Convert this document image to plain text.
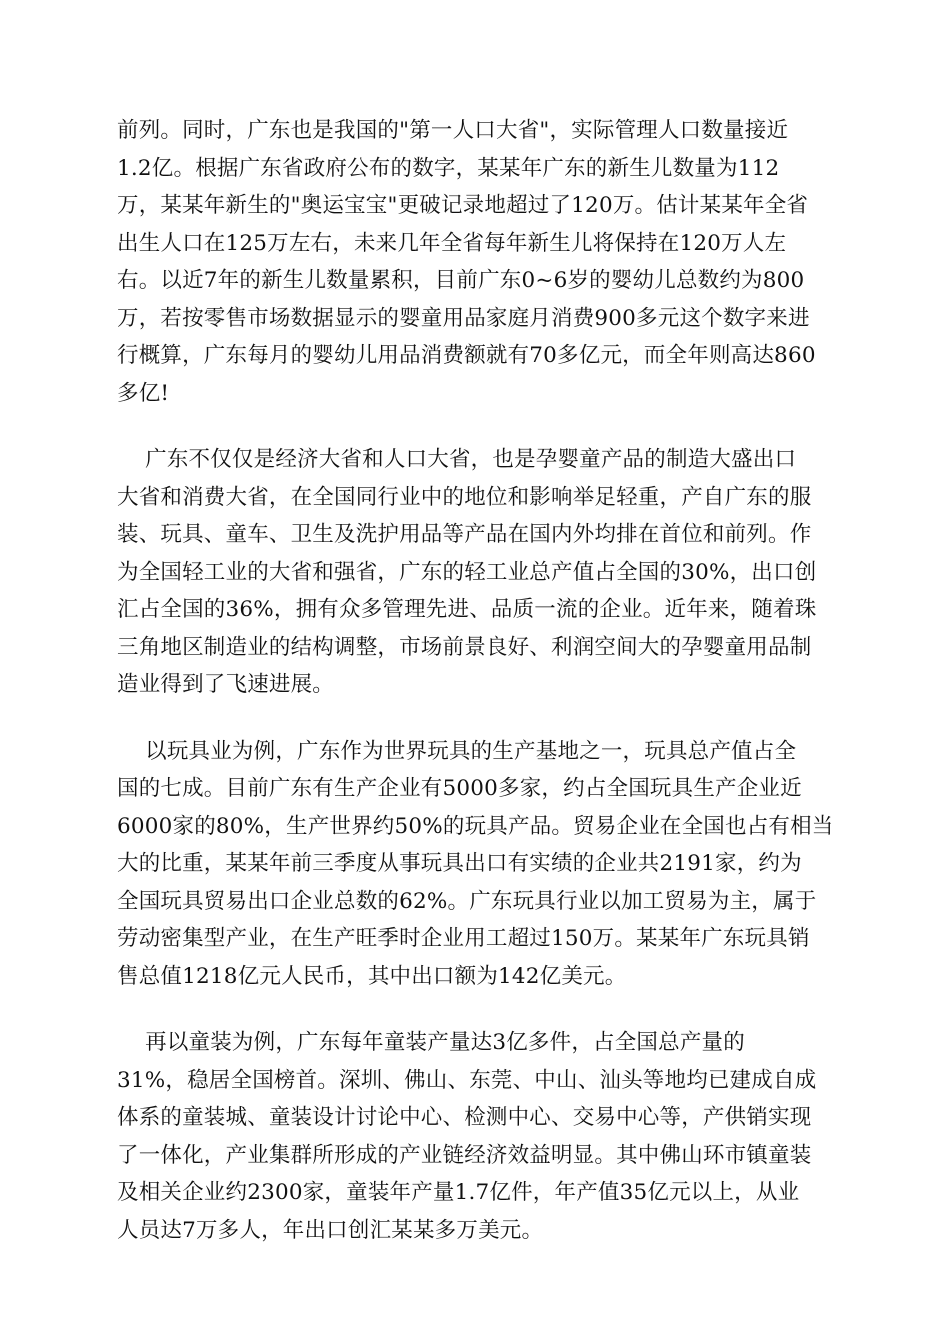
前列。同时，广东也是我国的"第一人口大省"，实际管理人口数量接近
1.2亿。根据广东省政府公布的数字，某某年广东的新生儿数量为112
万，某某年新生的"奥运宝宝"更破记录地超过了120万。估计某某年全省
出生人口在125万左右，未来几年全省每年新生儿将保持在120万人左
右。以近7年的新生儿数量累积，目前广东0~6岁的婴幼儿总数约为800
万，若按零售市场数据显示的婴童用品家庭月消费900多元这个数字来进
行概算，广东每月的婴幼儿用品消费额就有70多亿元，而全年则高达860
多亿!
广东不仅仅是经济大省和人口大省，也是孕婴童产品的制造大盛出口
大省和消费大省，在全国同行业中的地位和影响举足轻重，产自广东的服
装、玩具、童车、卫生及洗护用品等产品在国内外均排在首位和前列。作
为全国轻工业的大省和强省，广东的轻工业总产值占全国的30%，出口创
汇占全国的36%，拥有众多管理先进、品质一流的企业。近年来，随着珠
三角地区制造业的结构调整，市场前景良好、利润空间大的孕婴童用品制
造业得到了飞速进展。
以玩具业为例，广东作为世界玩具的生产基地之一，玩具总产值占全
国的七成。目前广东有生产企业有5000多家，约占全国玩具生产企业近
6000家的80%，生产世界约50%的玩具产品。贸易企业在全国也占有相当
大的比重，某某年前三季度从事玩具出口有实绩的企业共2191家，约为
全国玩具贸易出口企业总数的62%。广东玩具行业以加工贸易为主，属于
劳动密集型产业，在生产旺季时企业用工超过150万。某某年广东玩具销
售总值1218亿元人民币，其中出口额为142亿美元。
再以童装为例，广东每年童装产量达3亿多件，占全国总产量的
31%，稳居全国榜首。深圳、佛山、东莞、中山、汕头等地均已建成自成
体系的童装城、童装设计讨论中心、检测中心、交易中心等，产供销实现
了一体化，产业集群所形成的产业链经济效益明显。其中佛山环市镇童装
及相关企业约2300家，童装年产量1.7亿件，年产值35亿元以上，从业
人员达7万多人，年出口创汇某某多万美元。
